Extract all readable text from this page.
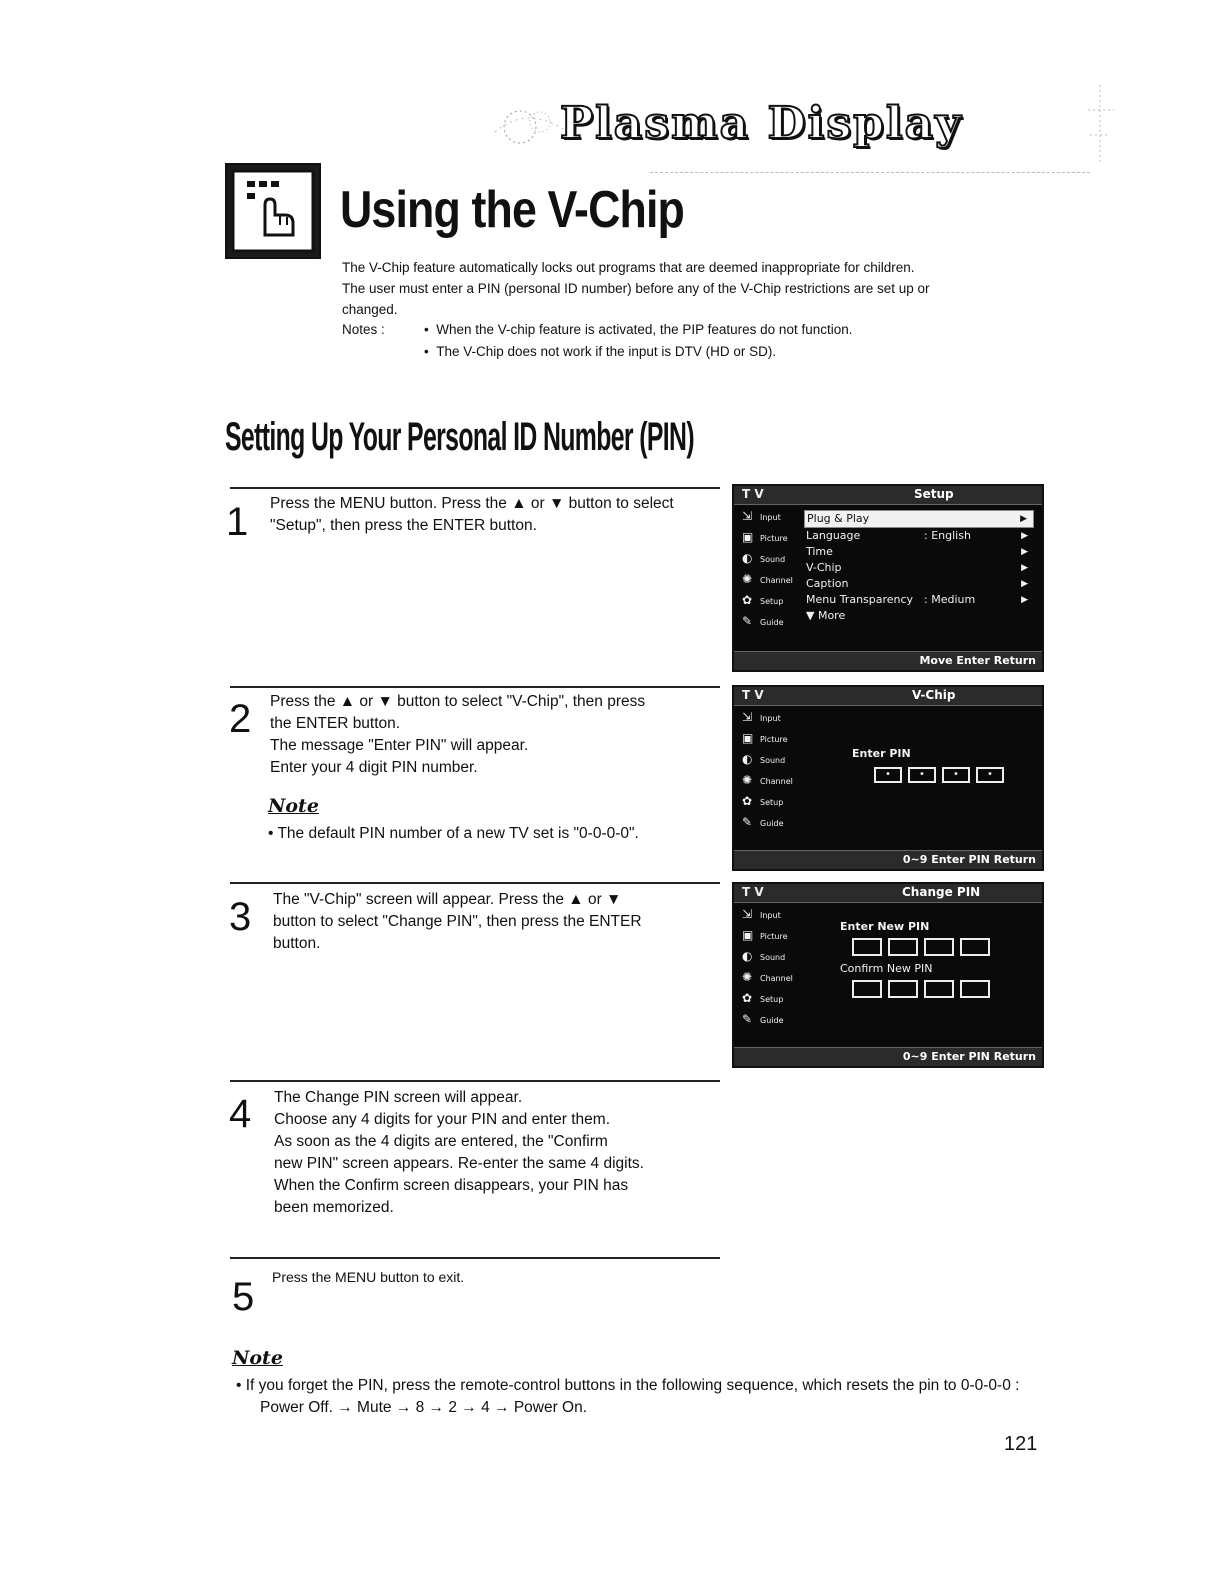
Plasma Display
Using the V-Chip

The V-Chip feature automatically locks out programs that are deemed inappropriate for children.

The user must enter a PIN (personal ID number) before any of the V-Chip restrictions are set up or

changed.

Notes :	•  When the V-chip feature is activated, the PIP features do not function.
•  The V-Chip does not work if the input is DTV (HD or SD).
Setting Up Your Personal ID Number (PIN)
1 Press the MENU button. Press the ▲ or ▼ button to select

"Setup", then press the ENTER button.

T V	Setup
⇲ Input
▣ Picture
◐ Sound
✺ Channel
✿ Setup
✎ Guide
Plug & Play	▶
Language	: English	▶
Time	▶
V-Chip	▶
Caption	▶
Menu Transparency : Medium	▶
▼ More
Move Enter Return
2 Press the ▲ or ▼ button to select "V-Chip", then press

the ENTER button.

The message "Enter PIN" will appear.

Enter your 4 digit PIN number.

Note
• The default PIN number of a new TV set is "0-0-0-0".
T V	V-Chip
⇲ Input
▣ Picture
◐ Sound
✺ Channel
✿ Setup
✎ Guide
Enter PIN
•	•	•	•
0~9 Enter PIN Return
3 The "V-Chip" screen will appear. Press the ▲ or ▼

button to select "Change PIN", then press the ENTER

button.

T V	Change PIN
⇲ Input
▣ Picture
◐ Sound
✺ Channel
✿ Setup
✎ Guide
Enter New PIN
Confirm New PIN
0~9 Enter PIN Return
4 The Change PIN screen will appear.

Choose any 4 digits for your PIN and enter them.

As soon as the 4 digits are entered, the "Confirm

new PIN" screen appears. Re-enter the same 4 digits.

When the Confirm screen disappears, your PIN has

been memorized.

5 Press the MENU button to exit.

Note
• If you forget the PIN, press the remote-control buttons in the following sequence, which resets the pin to 0-0-0-0 : Power Off. → Mute → 8 → 2 → 4 → Power On.
121
